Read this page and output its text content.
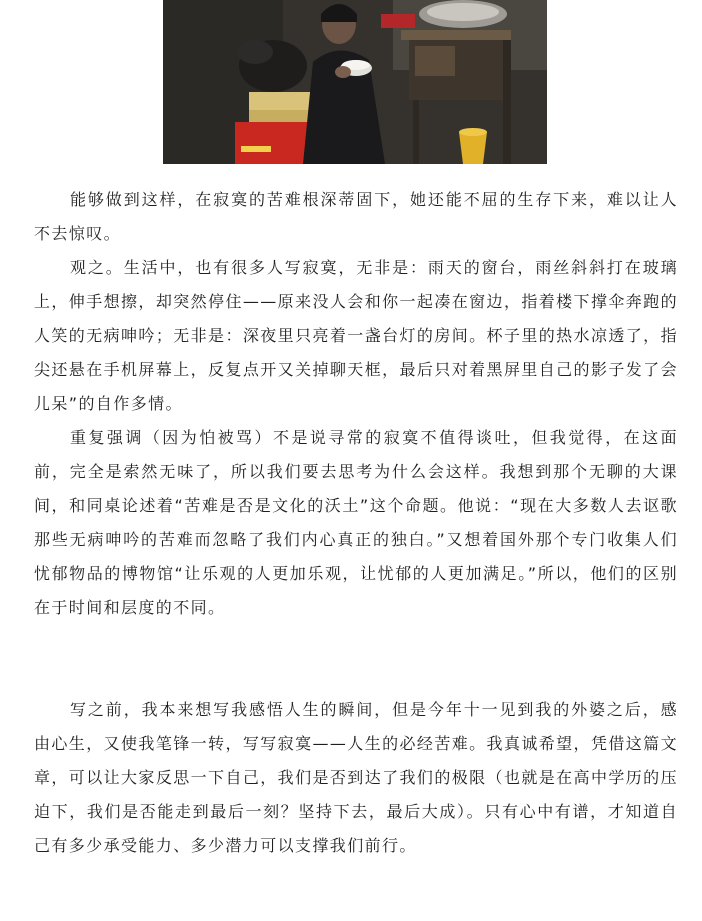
能够做到这样，在寂寞的苦难根深蒂固下，她还能不屈的生存下来，难以让人不去惊叹。

观之。生活中，也有很多人写寂寞，无非是：雨天的窗台，雨丝斜斜打在玻璃上，伸手想擦，却突然停住——原来没人会和你一起凑在窗边，指着楼下撑伞奔跑的人笑的无病呻吟；无非是：深夜里只亮着一盏台灯的房间。杯子里的热水凉透了，指尖还悬在手机屏幕上，反复点开又关掉聊天框，最后只对着黑屏里自己的影子发了会儿呆”的自作多情。

重复强调（因为怕被骂）不是说寻常的寂寞不值得谈吐，但我觉得，在这面前，完全是索然无味了，所以我们要去思考为什么会这样。我想到那个无聊的大课间，和同桌论述着“苦难是否是文化的沃土”这个命题。他说：“现在大多数人去讴歌那些无病呻吟的苦难而忽略了我们内心真正的独白。”又想着国外那个专门收集人们忧郁物品的博物馆“让乐观的人更加乐观，让忧郁的人更加满足。”所以，他们的区别在于时间和层度的不同。

写之前，我本来想写我感悟人生的瞬间，但是今年十一见到我的外婆之后，感由心生，又使我笔锋一转，写写寂寞——人生的必经苦难。我真诚希望，凭借这篇文章，可以让大家反思一下自己，我们是否到达了我们的极限（也就是在高中学历的压迫下，我们是否能走到最后一刻？坚持下去，最后大成）。只有心中有谱，才知道自己有多少承受能力、多少潜力可以支撑我们前行。
